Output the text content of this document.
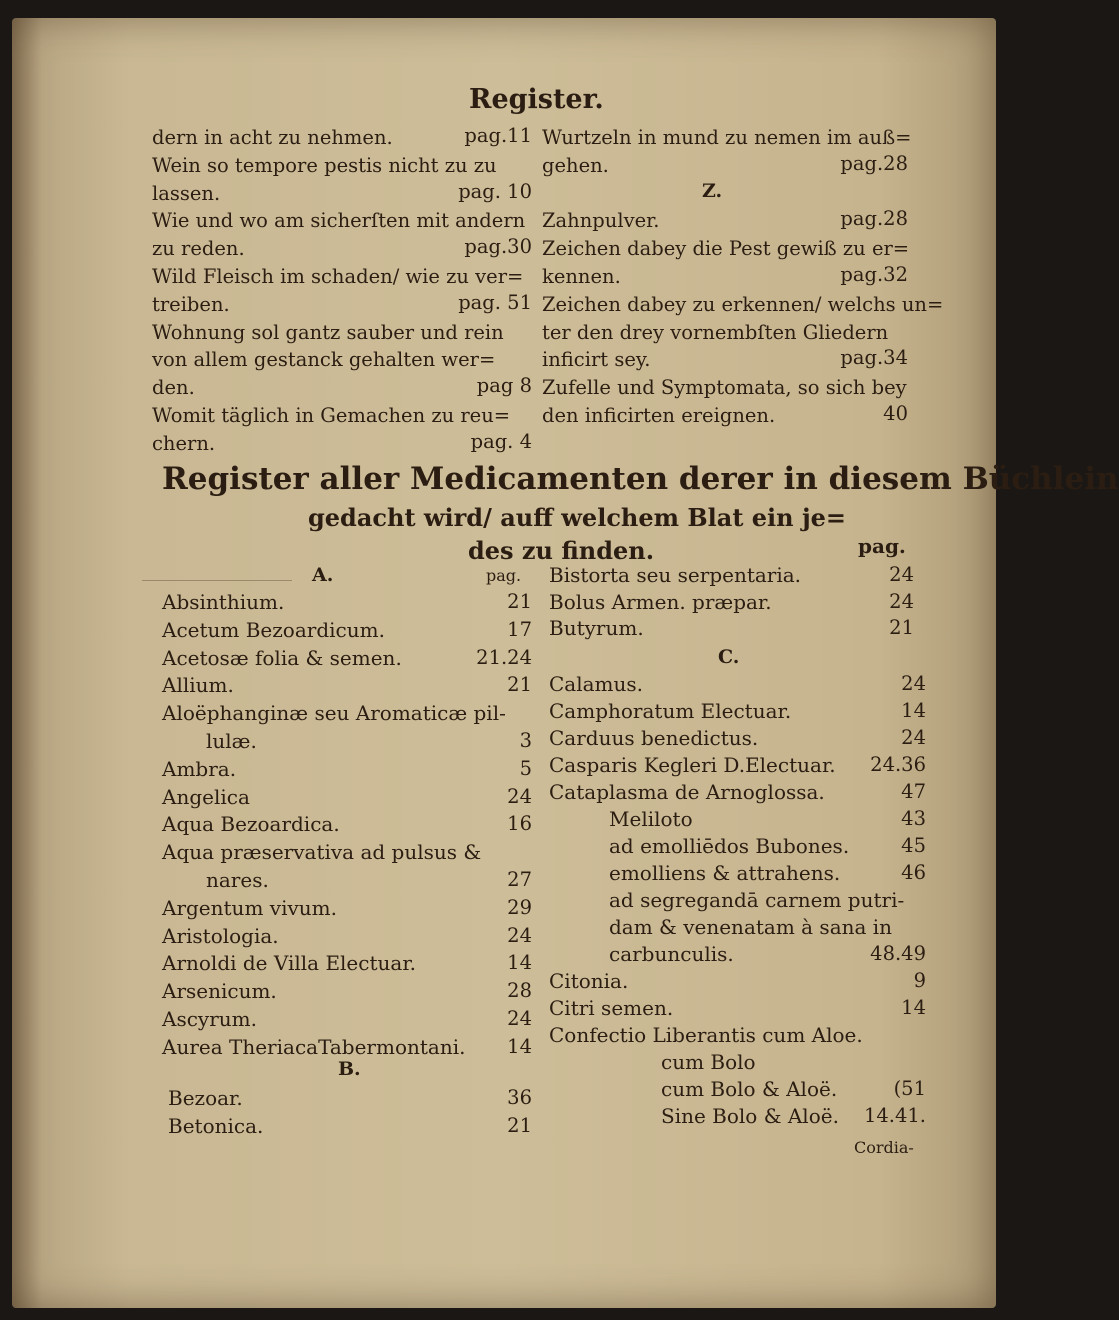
Register.
dern in acht zu nehmen.	pag.11
Wein so tempore pestis nicht zu zu
lassen.	pag. 10
Wie und wo am sicherſten mit andern
zu reden.	pag.30
Wild Fleisch im schaden/ wie zu ver=
treiben.	pag. 51
Wohnung sol gantz sauber und rein
von allem gestanck gehalten wer=
den.	pag 8
Womit täglich in Gemachen zu reu=
chern.	pag. 4
Wurtzeln in mund zu nemen im auß=
gehen.	pag.28
Z.
Zahnpulver.	pag.28
Zeichen dabey die Pest gewiß zu er=
kennen.	pag.32
Zeichen dabey zu erkennen/ welchs un=
ter den drey vornembſten Gliedern
inficirt sey.	pag.34
Zufelle und Symptomata, so sich bey
den inficirten ereignen.	40
Register aller Medicamenten derer in diesem Büchlein
gedacht wird/ auff welchem Blat ein je=
des zu finden.	pag.
A.	pag.
Absinthium.	21
Acetum Bezoardicum.	17
Acetosæ folia & semen.	21.24
Allium.	21
Aloëphanginæ seu Aromaticæ pil-
lulæ.	3
Ambra.	5
Angelica	24
Aqua Bezoardica.	16
Aqua præservativa ad pulsus &
nares.	27
Argentum vivum.	29
Aristologia.	24
Arnoldi de Villa Electuar.	14
Arsenicum.	28
Ascyrum.	24
Aurea TheriacaTabermontani. 14
B.
Bezoar.	36
Betonica.	21
Bistorta seu serpentaria.	24
Bolus Armen. præpar.	24
Butyrum.	21
C.
Calamus.	24
Camphoratum Electuar.	14
Carduus benedictus.	24
Casparis Kegleri D.Electuar. 24.36
Cataplasma de Arnoglossa.	47
Meliloto	43
ad emolliēdos Bubones.	45
emolliens & attrahens.	46
ad segregandā carnem putri-
dam & venenatam à sana in
carbunculis.	48.49
Citonia.	9
Citri semen.	14
Confectio Liberantis cum Aloe.
cum Bolo
cum Bolo & Aloë.	(51
Sine Bolo & Aloë. 14.41.
Cordia-
